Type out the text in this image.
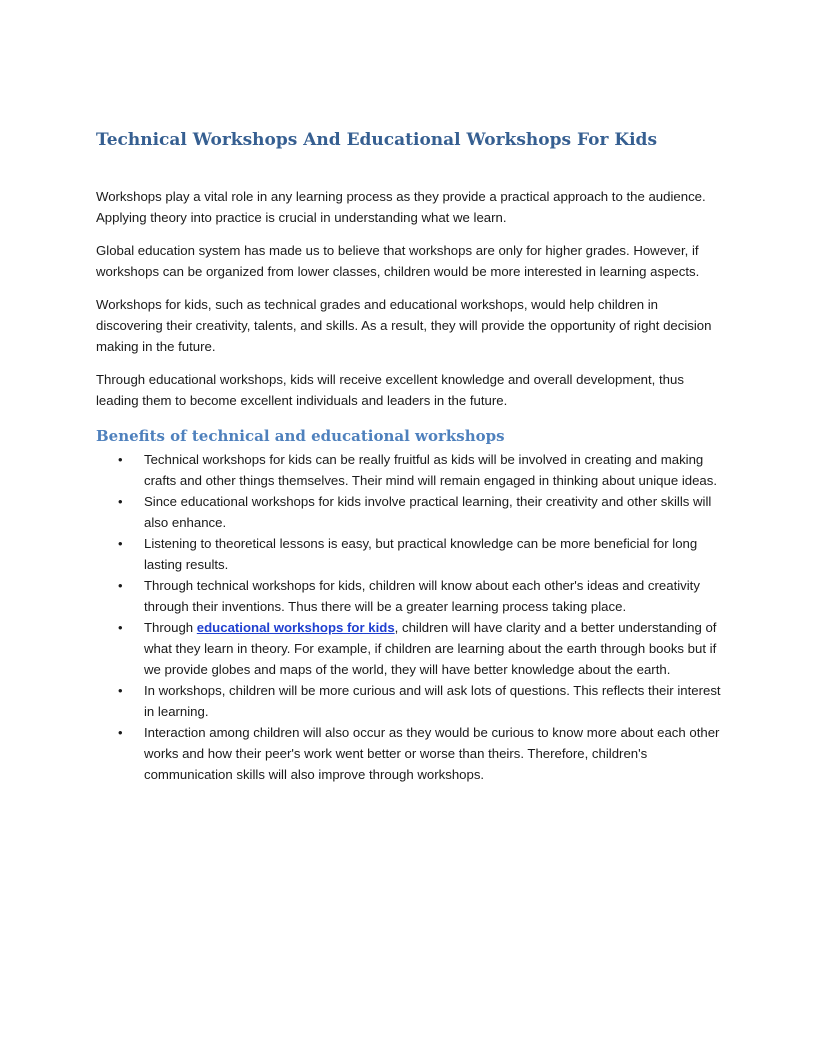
Technical Workshops And Educational Workshops For Kids

Workshops play a vital role in any learning process as they provide a practical approach to the audience. Applying theory into practice is crucial in understanding what we learn.

Global education system has made us to believe that workshops are only for higher grades. However, if workshops can be organized from lower classes, children would be more interested in learning aspects.

Workshops for kids, such as technical grades and educational workshops, would help children in discovering their creativity, talents, and skills. As a result, they will provide the opportunity of right decision making in the future.

Through educational workshops, kids will receive excellent knowledge and overall development, thus leading them to become excellent individuals and leaders in the future.

Benefits of technical and educational workshops
• Technical workshops for kids can be really fruitful as kids will be involved in creating and making crafts and other things themselves. Their mind will remain engaged in thinking about unique ideas.
• Since educational workshops for kids involve practical learning, their creativity and other skills will also enhance.
• Listening to theoretical lessons is easy, but practical knowledge can be more beneficial for long lasting results.
• Through technical workshops for kids, children will know about each other's ideas and creativity through their inventions. Thus there will be a greater learning process taking place.
• Through educational workshops for kids, children will have clarity and a better understanding of what they learn in theory. For example, if children are learning about the earth through books but if we provide globes and maps of the world, they will have better knowledge about the earth.
• In workshops, children will be more curious and will ask lots of questions. This reflects their interest in learning.
• Interaction among children will also occur as they would be curious to know more about each other works and how their peer's work went better or worse than theirs. Therefore, children's communication skills will also improve through workshops.
